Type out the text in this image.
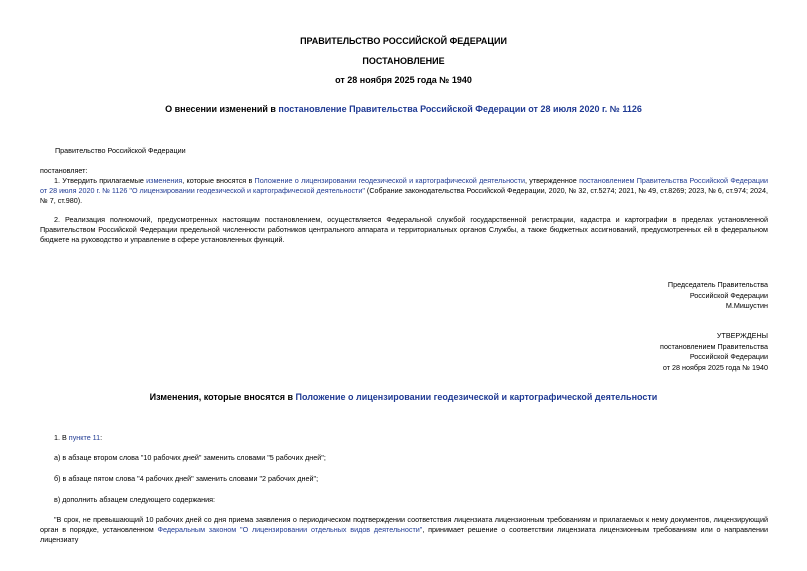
ПРАВИТЕЛЬСТВО РОССИЙСКОЙ ФЕДЕРАЦИИ
ПОСТАНОВЛЕНИЕ
от 28 ноября 2025 года № 1940
О внесении изменений в постановление Правительства Российской Федерации от 28 июля 2020 г. № 1126
Правительство Российской Федерации
постановляет:
1. Утвердить прилагаемые изменения, которые вносятся в Положение о лицензировании геодезической и картографической деятельности, утвержденное постановлением Правительства Российской Федерации от 28 июля 2020 г. № 1126 "О лицензировании геодезической и картографической деятельности" (Собрание законодательства Российской Федерации, 2020, № 32, ст.5274; 2021, № 49, ст.8269; 2023, № 6, ст.974; 2024, № 7, ст.980).
2. Реализация полномочий, предусмотренных настоящим постановлением, осуществляется Федеральной службой государственной регистрации, кадастра и картографии в пределах установленной Правительством Российской Федерации предельной численности работников центрального аппарата и территориальных органов Службы, а также бюджетных ассигнований, предусмотренных ей в федеральном бюджете на руководство и управление в сфере установленных функций.
Председатель Правительства
Российской Федерации
М.Мишустин
УТВЕРЖДЕНЫ
постановлением Правительства
Российской Федерации
от 28 ноября 2025 года № 1940
Изменения, которые вносятся в Положение о лицензировании геодезической и картографической деятельности
1. В пункте 11:
а) в абзаце втором слова "10 рабочих дней" заменить словами "5 рабочих дней";
б) в абзаце пятом слова "4 рабочих дней" заменить словами "2 рабочих дней";
в) дополнить абзацем следующего содержания:
"В срок, не превышающий 10 рабочих дней со дня приема заявления о периодическом подтверждении соответствия лицензиата лицензионным требованиям и прилагаемых к нему документов, лицензирующий орган в порядке, установленном Федеральным законом "О лицензировании отдельных видов деятельности", принимает решение о соответствии лицензиата лицензионным требованиям или о направлении лицензиату
